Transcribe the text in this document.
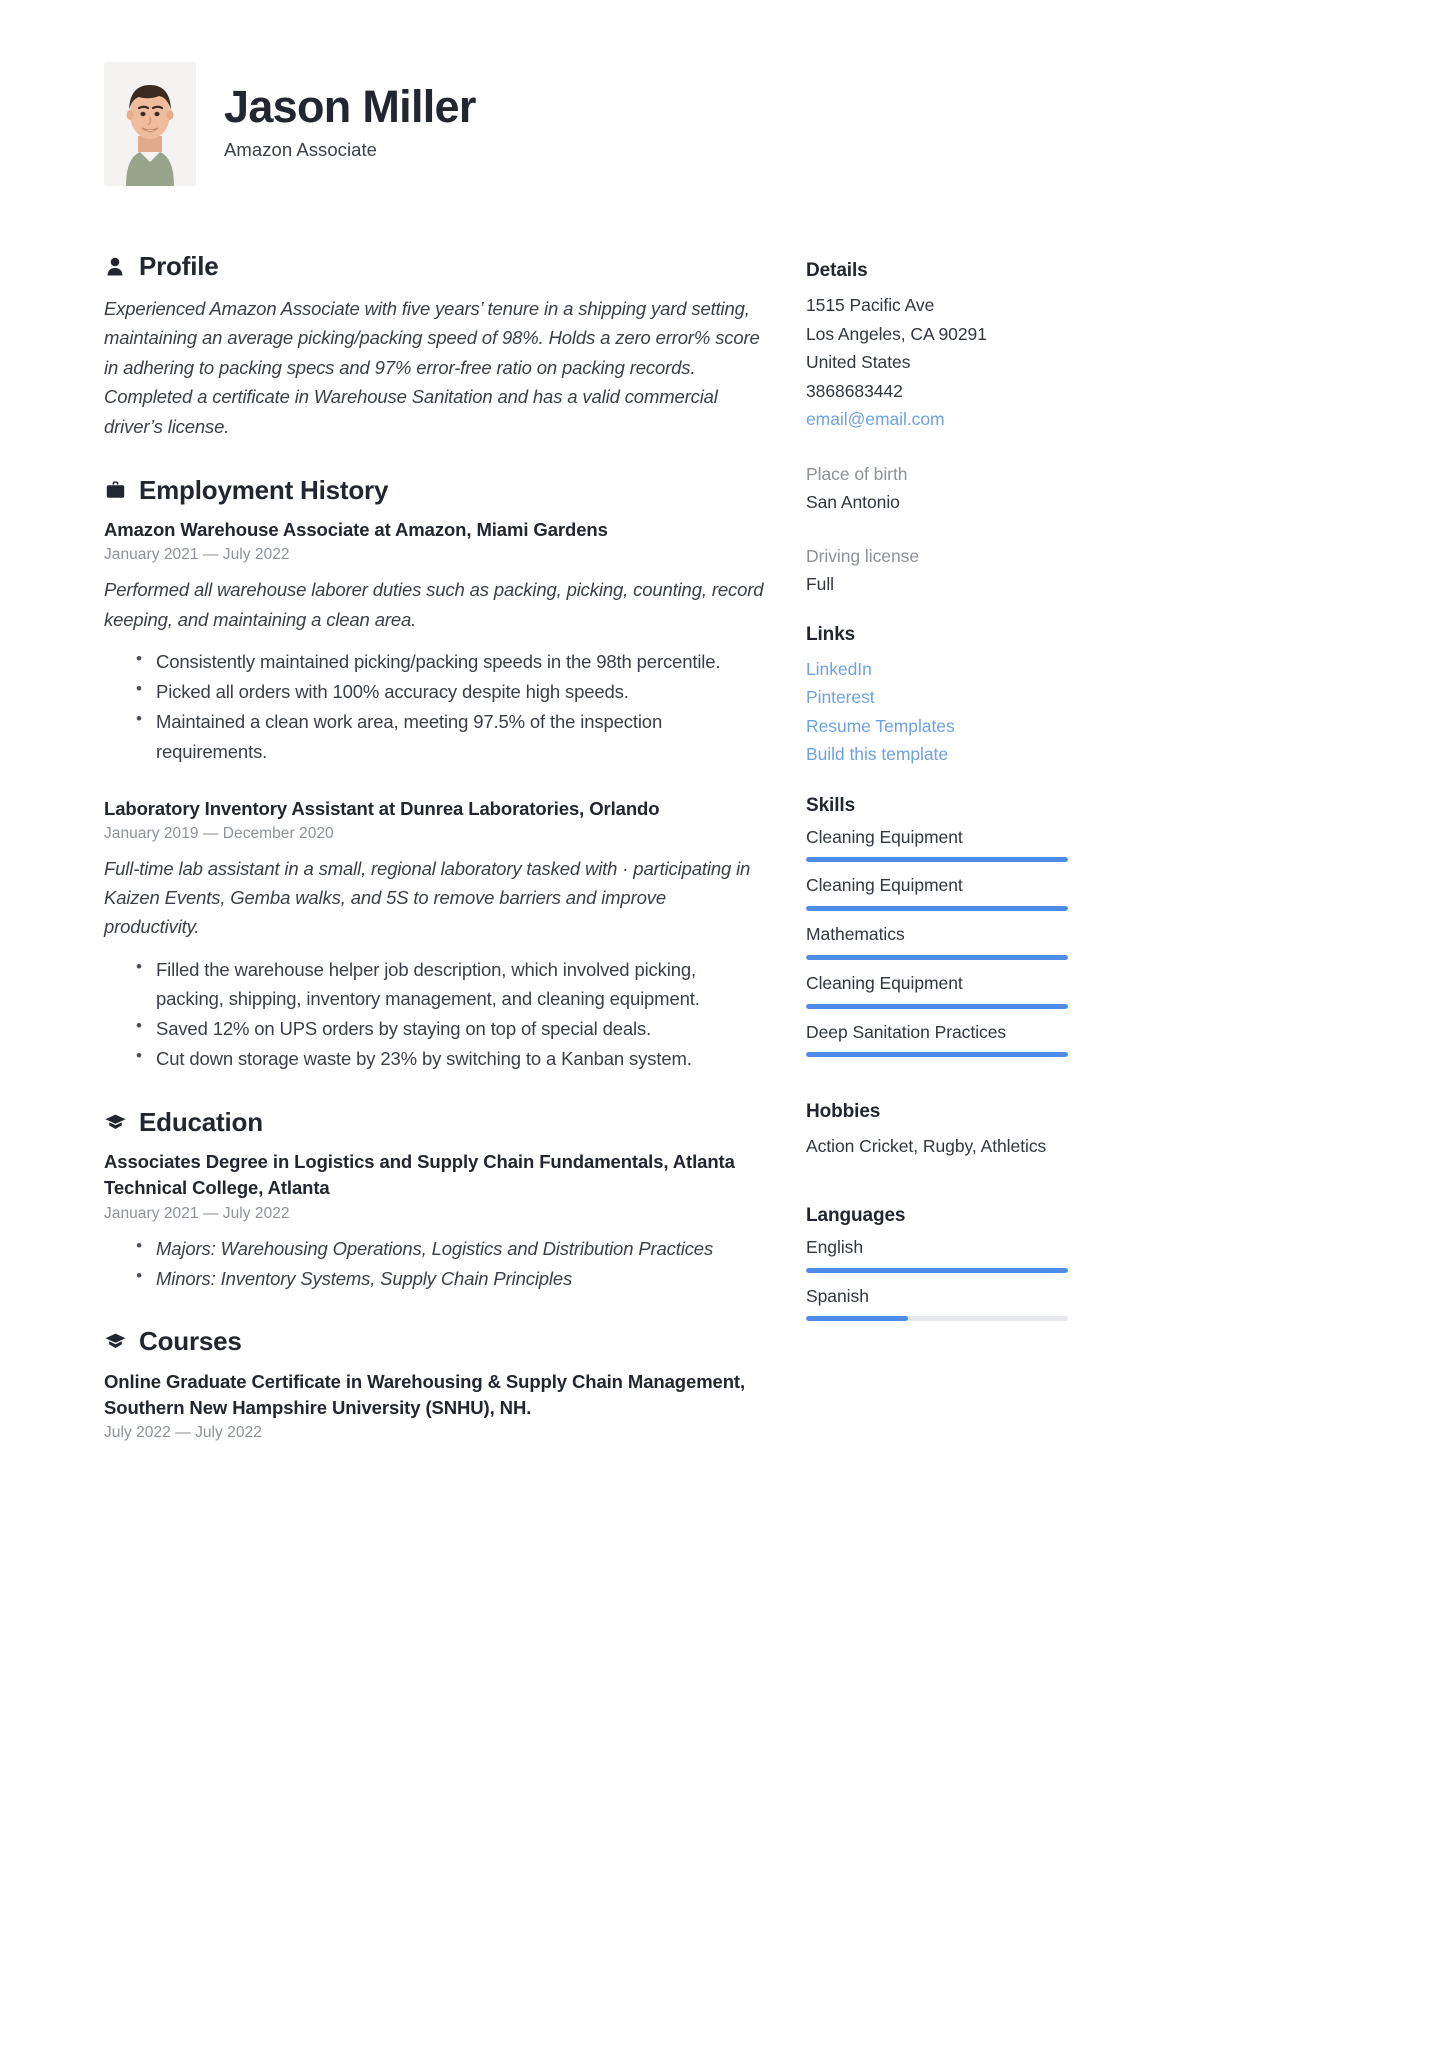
Jason Miller
Amazon Associate
Profile
Experienced Amazon Associate with five years’ tenure in a shipping yard setting, maintaining an average picking/packing speed of 98%. Holds a zero error% score in adhering to packing specs and 97% error-free ratio on packing records. Completed a certificate in Warehouse Sanitation and has a valid commercial driver’s license.
Employment History
Amazon Warehouse Associate at Amazon, Miami Gardens
January 2021 — July 2022
Performed all warehouse laborer duties such as packing, picking, counting, record keeping, and maintaining a clean area.
• Consistently maintained picking/packing speeds in the 98th percentile.
• Picked all orders with 100% accuracy despite high speeds.
• Maintained a clean work area, meeting 97.5% of the inspection requirements.
Laboratory Inventory Assistant at Dunrea Laboratories, Orlando
January 2019 — December 2020
Full-time lab assistant in a small, regional laboratory tasked with · participating in Kaizen Events, Gemba walks, and 5S to remove barriers and improve productivity.
• Filled the warehouse helper job description, which involved picking, packing, shipping, inventory management, and cleaning equipment.
• Saved 12% on UPS orders by staying on top of special deals.
• Cut down storage waste by 23% by switching to a Kanban system.
Education
Associates Degree in Logistics and Supply Chain Fundamentals, Atlanta Technical College, Atlanta
January 2021 — July 2022
• Majors: Warehousing Operations, Logistics and Distribution Practices
• Minors: Inventory Systems, Supply Chain Principles
Courses
Online Graduate Certificate in Warehousing & Supply Chain Management, Southern New Hampshire University (SNHU), NH.
July 2022 — July 2022
Details
1515 Pacific Ave
Los Angeles, CA 90291
United States
3868683442
email@email.com
Place of birth
San Antonio
Driving license
Full
Links
LinkedIn
Pinterest
Resume Templates
Build this template
Skills
Cleaning Equipment
Cleaning Equipment
Mathematics
Cleaning Equipment
Deep Sanitation Practices
Hobbies
Action Cricket, Rugby, Athletics
Languages
English
Spanish
